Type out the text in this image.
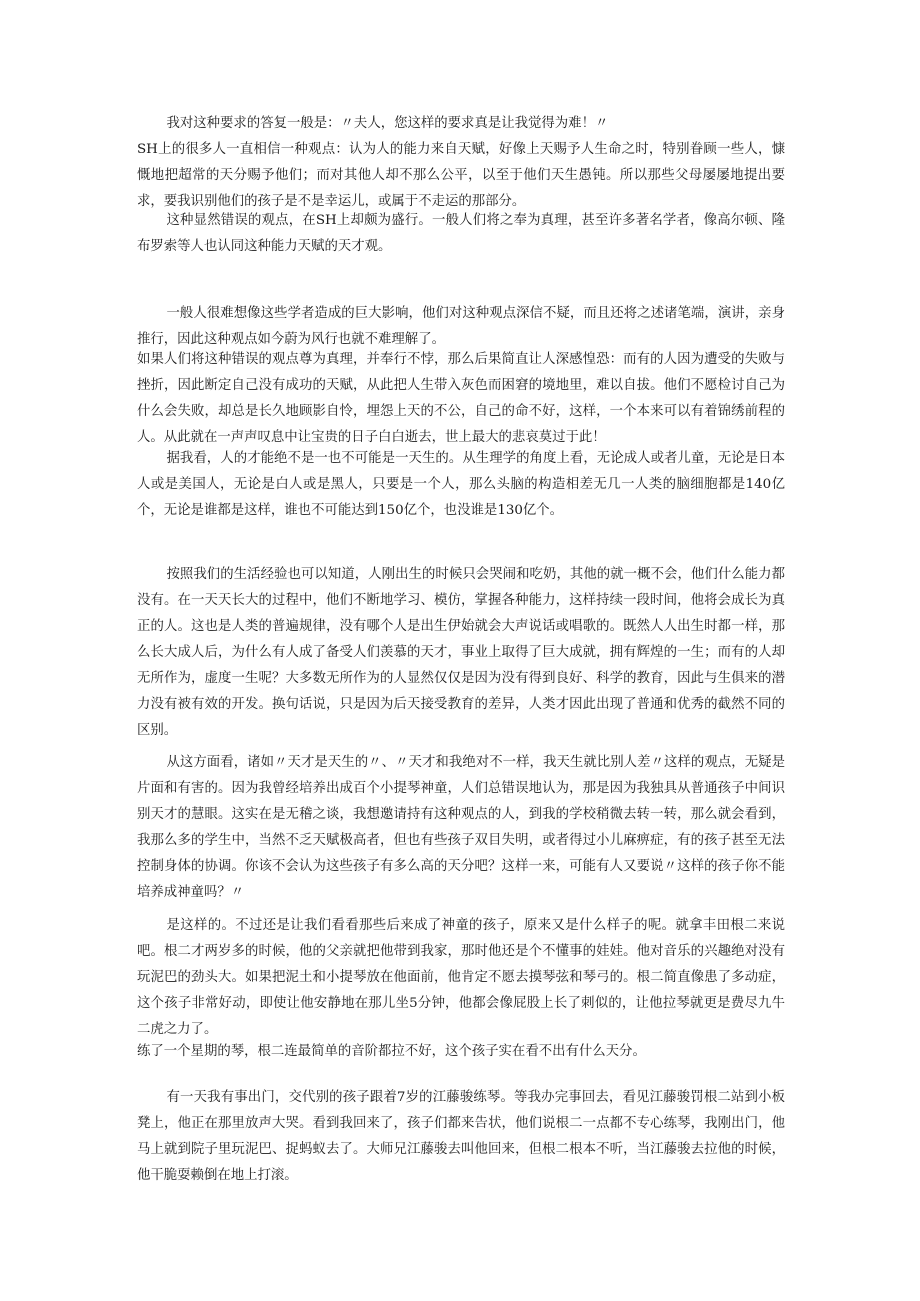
我对这种要求的答复一般是：〃夫人，您这样的要求真是让我觉得为难！〃

SH上的很多人一直相信一种观点：认为人的能力来自天赋，好像上天赐予人生命之时，特别眷顾一些人，慷慨地把超常的天分赐予他们；而对其他人却不那么公平，以至于他们天生愚钝。所以那些父母屡屡地提出要求，要我识别他们的孩子是不是幸运儿，或属于不走运的那部分。

这种显然错误的观点，在SH上却颇为盛行。一般人们将之奉为真理，甚至许多著名学者，像高尔顿、隆布罗索等人也认同这种能力天赋的天才观。

一般人很难想像这些学者造成的巨大影响，他们对这种观点深信不疑，而且还将之述诸笔端，演讲，亲身推行，因此这种观点如今蔚为风行也就不难理解了。

如果人们将这种错误的观点尊为真理，并奉行不悖，那么后果简直让人深感惶恐：而有的人因为遭受的失败与挫折，因此断定自己没有成功的天赋，从此把人生带入灰色而困窘的境地里，难以自拔。他们不愿检讨自己为什么会失败，却总是长久地顾影自怜，埋怨上天的不公，自己的命不好，这样，一个本来可以有着锦绣前程的人。从此就在一声声叹息中让宝贵的日子白白逝去，世上最大的悲哀莫过于此！

据我看，人的才能绝不是一也不可能是一天生的。从生理学的角度上看，无论成人或者儿童，无论是日本人或是美国人，无论是白人或是黑人，只要是一个人，那么头脑的构造相差无几一人类的脑细胞都是140亿个，无论是谁都是这样，谁也不可能达到150亿个，也没谁是130亿个。

按照我们的生活经验也可以知道，人刚出生的时候只会哭闹和吃奶，其他的就一概不会，他们什么能力都没有。在一天天长大的过程中，他们不断地学习、模仿，掌握各种能力，这样持续一段时间，他将会成长为真正的人。这也是人类的普遍规律，没有哪个人是出生伊始就会大声说话或唱歌的。既然人人出生时都一样，那么长大成人后，为什么有人成了备受人们羡慕的天才，事业上取得了巨大成就，拥有辉煌的一生；而有的人却无所作为，虚度一生呢？大多数无所作为的人显然仅仅是因为没有得到良好、科学的教育，因此与生俱来的潜力没有被有效的开发。换句话说，只是因为后天接受教育的差异，人类才因此出现了普通和优秀的截然不同的区别。

从这方面看，诸如〃天才是天生的〃、〃天才和我绝对不一样，我天生就比别人差〃这样的观点，无疑是片面和有害的。因为我曾经培养出成百个小提琴神童，人们总错误地认为，那是因为我独具从普通孩子中间识别天才的慧眼。这实在是无稽之谈，我想邀请持有这种观点的人，到我的学校稍微去转一转，那么就会看到，我那么多的学生中，当然不乏天赋极高者，但也有些孩子双目失明，或者得过小儿麻痹症，有的孩子甚至无法控制身体的协调。你该不会认为这些孩子有多么高的天分吧？这样一来，可能有人又要说〃这样的孩子你不能培养成神童吗？〃

是这样的。不过还是让我们看看那些后来成了神童的孩子，原来又是什么样子的呢。就拿丰田根二来说吧。根二才两岁多的时候，他的父亲就把他带到我家，那时他还是个不懂事的娃娃。他对音乐的兴趣绝对没有玩泥巴的劲头大。如果把泥土和小提琴放在他面前，他肯定不愿去摸琴弦和琴弓的。根二简直像患了多动症，这个孩子非常好动，即使让他安静地在那儿坐5分钟，他都会像屁股上长了刺似的，让他拉琴就更是费尽九牛二虎之力了。

练了一个星期的琴，根二连最简单的音阶都拉不好，这个孩子实在看不出有什么天分。

有一天我有事出门，交代别的孩子跟着7岁的江藤骏练琴。等我办完事回去，看见江藤骏罚根二站到小板凳上，他正在那里放声大哭。看到我回来了，孩子们都来告状，他们说根二一点都不专心练琴，我刚出门，他马上就到院子里玩泥巴、捉蚂蚁去了。大师兄江藤骏去叫他回来，但根二根本不听，当江藤骏去拉他的时候，他干脆耍赖倒在地上打滚。
